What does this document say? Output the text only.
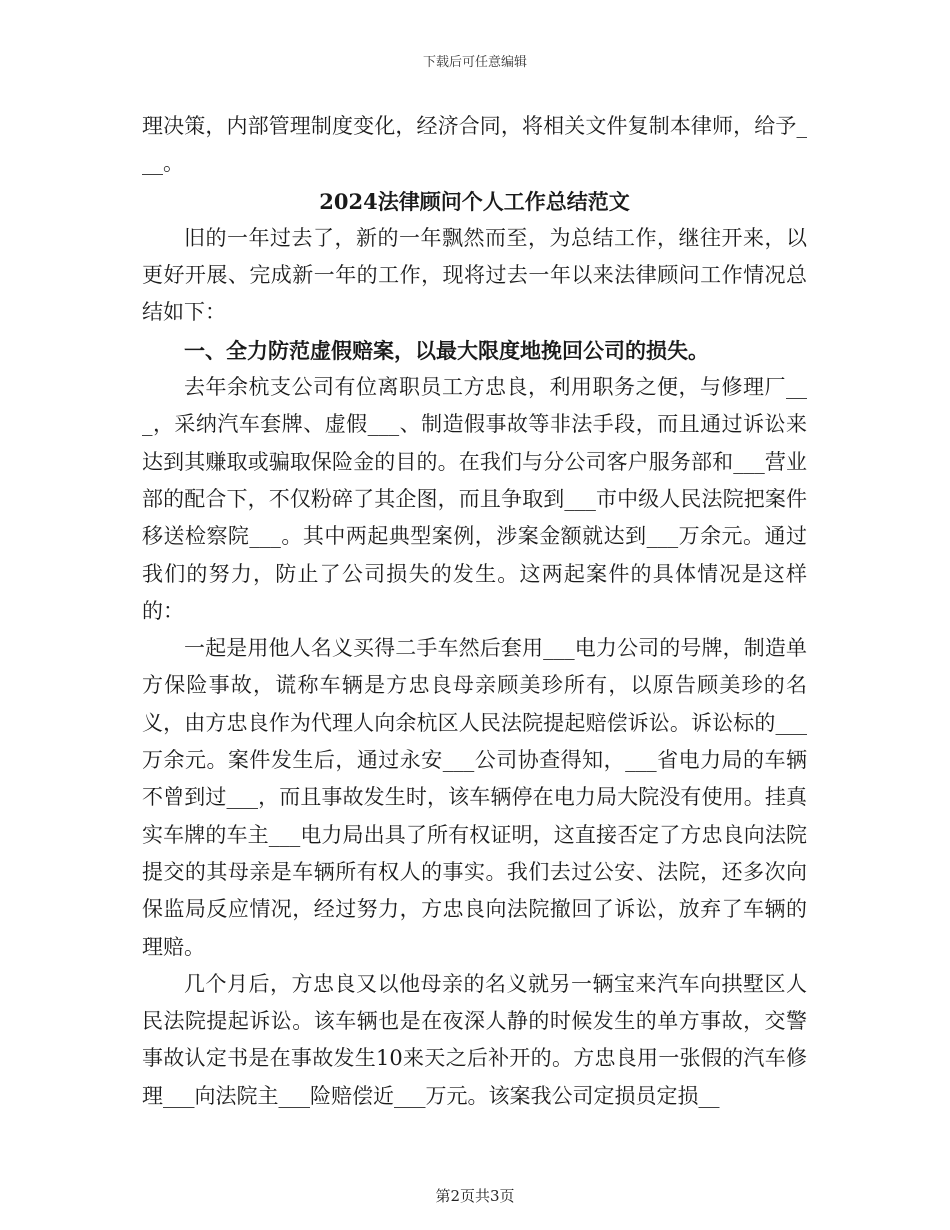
下载后可任意编辑

理决策，内部管理制度变化，经济合同，将相关文件复制本律师，给予___。

2024法律顾问个人工作总结范文

旧的一年过去了，新的一年飘然而至，为总结工作，继往开来，以更好开展、完成新一年的工作，现将过去一年以来法律顾问工作情况总结如下：

一、全力防范虚假赔案，以最大限度地挽回公司的损失。

去年余杭支公司有位离职员工方忠良，利用职务之便，与修理厂___，采纳汽车套牌、虚假___、制造假事故等非法手段，而且通过诉讼来达到其赚取或骗取保险金的目的。在我们与分公司客户服务部和___营业部的配合下，不仅粉碎了其企图，而且争取到___市中级人民法院把案件移送检察院___。其中两起典型案例，涉案金额就达到___万余元。通过我们的努力，防止了公司损失的发生。这两起案件的具体情况是这样的：

一起是用他人名义买得二手车然后套用___电力公司的号牌，制造单方保险事故，谎称车辆是方忠良母亲顾美珍所有，以原告顾美珍的名义，由方忠良作为代理人向余杭区人民法院提起赔偿诉讼。诉讼标的___万余元。案件发生后，通过永安___公司协查得知，___省电力局的车辆不曾到过___，而且事故发生时，该车辆停在电力局大院没有使用。挂真实车牌的车主___电力局出具了所有权证明，这直接否定了方忠良向法院提交的其母亲是车辆所有权人的事实。我们去过公安、法院，还多次向保监局反应情况，经过努力，方忠良向法院撤回了诉讼，放弃了车辆的理赔。

几个月后，方忠良又以他母亲的名义就另一辆宝来汽车向拱墅区人民法院提起诉讼。该车辆也是在夜深人静的时候发生的单方事故，交警事故认定书是在事故发生10来天之后补开的。方忠良用一张假的汽车修理___向法院主___险赔偿近___万元。该案我公司定损员定损__

第2页共3页
